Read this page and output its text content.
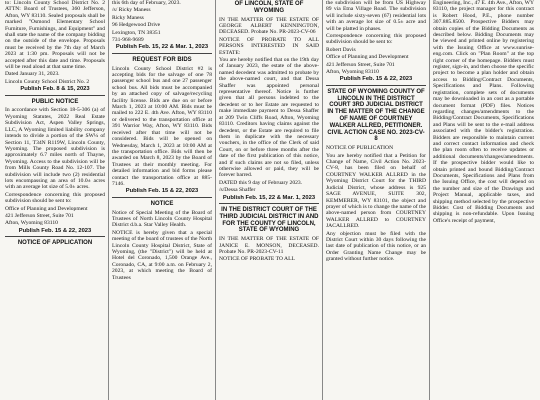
to: Lincoln County School District No. 2 ATTN: Board of Trustees, 360 Jefferson, Afton, WY 83110. Sealed proposals shall be marked "Osmond Elementary School Furniture, Furnishings, and Equipment" and shall state the name of the company bidding on the outside of the envelope. Proposals must be received by the 7th day of March 2023 at 1:30 pm. Proposals will not be accepted after this date and time. Proposals will be read aloud at that same time.

Dated January 31, 2023.

Lincoln County School District No. 2

Publish Feb. 8 & 15, 2023
PUBLIC NOTICE

In accordance with Section 18-5-306 (a) of Wyoming Statutes, 2022 Real Estate Subdivision Act, Aspen Valley Springs, LLC, A Wyoming limited liability company intends to divide a portion of the SW¼ of Section 11, T34N R119W, Lincoln County, Wyoming. The proposed subdivision is approximately 6.7 miles north of Thayne, Wyoming. Access to the subdivision will be from Mills County Road No. 12-107. The subdivision will include two (2) residential lots encompassing an area of 10.0± acres with an average lot size of 5.0± acres.

Correspondence concerning this proposed subdivision should be sent to:

Office of Planning and Development

421 Jefferson Street, Suite 701

Afton, Wyoming 83110

Publish Feb. 15 & 22, 2023
NOTICE OF APPLICATION

this 6th day of February, 2023.

/s/ Ricky Maness

Ricky Maness

96 Hedgewood Drive

Lexington, TN 38351

731-968-9689

Publish Feb. 15, 22 & Mar. 1, 2023
REQUEST FOR BIDS

Lincoln County School District #2 is accepting bids for the salvage of one 78 passenger school bus and one 27 passenger school bus. All bids must be accompanied by an attached copy of salvage/recycling facility license. Bids are due on or before March 1, 2023 at 10:00 AM. Bids must be mailed to 222 E. 4th Ave. Afton, WY 83110 or delivered to the transportation office at 391 Warrior Way, Afton, WY 83110. Bids received after that time will not be considered. Bids will be opened on Wednesday, March 1, 2023 at 10:00 AM at the transportation office. Bids will then be awarded on March 8, 2023 by the Board of Trustees at their monthly meeting. For detailed information and bid forms please contact the transportation office at 885-7146.

Publish Feb. 15 & 22, 2023
NOTICE

Notice of Special Meeting of the Board of Trustees of North Lincoln County Hospital District d.b.a. Star Valley Health.

NOTICE is hereby given that a special meeting of the board of trustees of the North Lincoln County Hospital District, State of Wyoming, (the "District") will be held at Hotel del Coronado, 1,500 Orange Ave., Coronado, CA, at 9:00 a.m. on February 2, 2023, at which meeting the Board of Trustees

OF LINCOLN, STATE OF WYOMING

IN THE MATTER OF THE ESTATE OF GEORGE ALBERT KENNINGTON, DECEASED. Probate No. PR-2023-CV-06

NOTICE OF PROBATE TO ALL PERSONS INTERESTED IN SAID ESTATE:

You are hereby notified that on the 19th day of January 2023, the estate of the above-named decedent was admitted to probate by the above-named court, and that Dessa Shaffer was appointed personal representative thereof. Notice is further given that all persons indebted to the decedent or to her Estate are requested to make immediate payment to Dessa Shaffer at 209 Twin Cliffs Road, Afton, Wyoming 83110. Creditors having claims against the decedent, or the Estate are required to file them in duplicate with the necessary vouchers, in the office of the Clerk of said Court, on or before three months after the date of the first publication of this notice, and if such claims are not so filed, unless otherwise allowed or paid, they will be forever barred.

DATED this 9 day of February 2023.

/s/Dessa Shaffer

Publish Feb. 15, 22 & Mar. 1, 2023
IN THE DISTRICT COURT OF THE THIRD JUDICIAL DISTRICT IN AND FOR THE COUNTY OF LINCOLN, STATE OF WYOMING

IN THE MATTER OF THE ESTATE OF JANICE E. MONSON, DECEASED. Probate No. PR-2023-CV-11

NOTICE OF PROBATE TO ALL

the subdivision will be from US Highway 89 via Etna Village Road. The subdivision will include sixty-seven (67) residential lots with an average lot size of 0.5± acre and will be platted in phases.

Correspondence concerning this proposed subdivision should be sent to:

Robert Davis

Office of Planning and Development

421 Jefferson Street, Suite 701

Afton, Wyoming 83110

Publish Feb. 15 & 22, 2023
STATE OF WYOMING COUNTY OF LINCOLN IN THE DISTRICT COURT 3RD JUDICIAL DISTRICT IN THE MATTER OF THE CHANGE OF NAME OF COURTNEY WALKER ALLRED, PETITIONER. CIVIL ACTION CASE NO. 2023-CV-8

NOTICE OF PUBLICATION

You are hereby notified that a Petition for Change of Name, Civil Action No. 2023-CV-8, has been filed on behalf of COURTNEY WALKER ALLRED in the Wyoming District Court for the THIRD Judicial District, whose address is 925 SAGE AVENUE, SUITE 302, KEMMERER, WY 83101, the object and prayer of which is to change the name of the above-named person from COURTNEY WALKER ALLRED to COURTNEY JACALLRED.

Any objection must be filed with the District Court within 30 days following the last date of publication of this notice, or an Order Granting Name Change may be granted without further notice.

Engineering, Inc., 47 E. 4th Ave., Afton, WY 83110, the project manager for this contract is Robert Hood, P.E., phone number 307.885.8500. Prospective Bidders may obtain copies of the Bidding Documents as described below. Bidding Documents may be viewed and printed online by registering with the Issuing Office at www.sunrise-eng.com. Click on "Plan Room" at the top right corner of the homepage. Bidders must register, sign-in, and then choose the specific project to become a plan holder and obtain access to Bidding/Contract Documents, Specifications and Plans. Following registration, complete sets of documents may be downloaded in an cost as a portable document format (PDF) files. Notices regarding changes/amendments to the Bidding/Contract Documents, Specifications and Plans will be sent to the e-mail address associated with the bidder's registration. Bidders are responsible to maintain current and correct contact information and check the plan room often to receive updates or additional documents/changes/amendments. If the prospective bidder would like to obtain printed and bound Bidding/Contract Documents, Specifications and Plans from the Issuing Office, the cost will depend on the number and size of the Drawings and Project Manual, applicable taxes, and shipping method selected by the prospective Bidder. Cost of Bidding Documents and shipping is non-refundable. Upon Issuing Office's receipt of payment,
